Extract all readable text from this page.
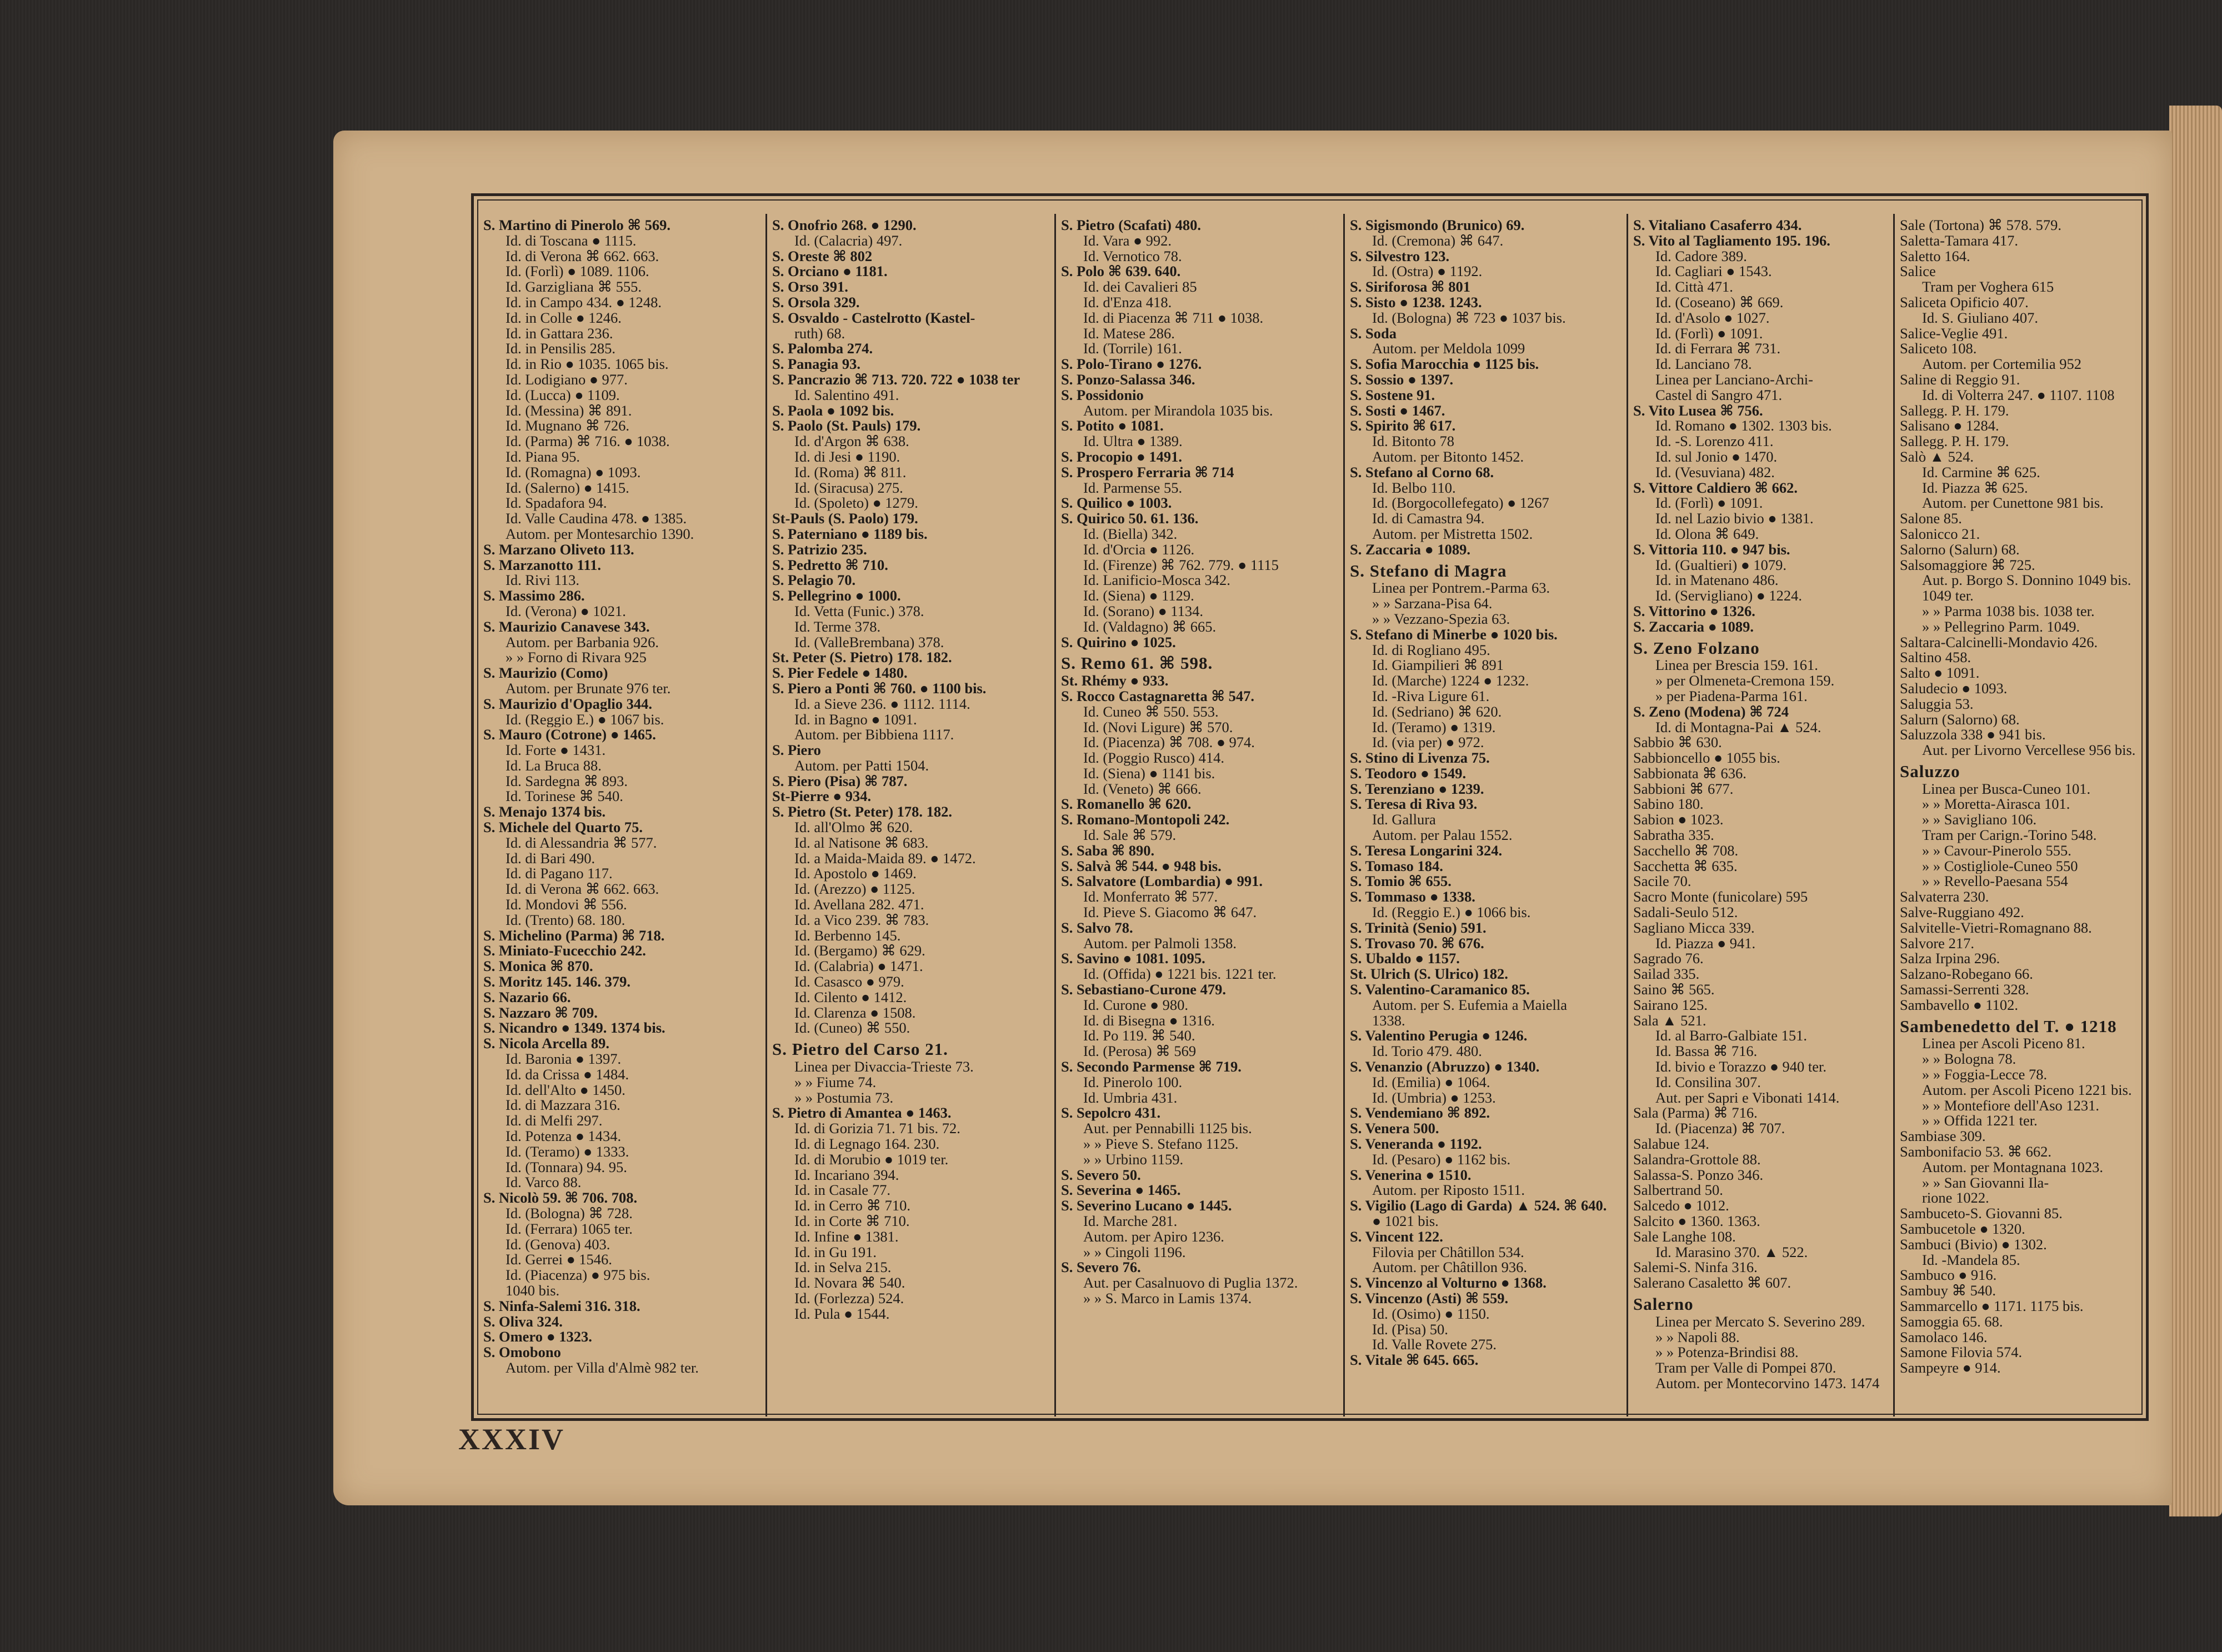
S. Martino di Pinerolo ⌘ 569.
Id. di Toscana ● 1115.
Id. di Verona ⌘ 662. 663.
Id. (Forlì) ● 1089. 1106.
Id. Garzigliana ⌘ 555.
Id. in Campo 434. ● 1248.
Id. in Colle ● 1246.
Id. in Gattara 236.
Id. in Pensilis 285.
Id. in Rio ● 1035. 1065 bis.
Id. Lodigiano ● 977.
Id. (Lucca) ● 1109.
Id. (Messina) ⌘ 891.
Id. Mugnano ⌘ 726.
Id. (Parma) ⌘ 716. ● 1038.
Id. Piana 95.
Id. (Romagna) ● 1093.
Id. (Salerno) ● 1415.
Id. Spadafora 94.
Id. Valle Caudina 478. ● 1385.
Autom. per Montesarchio 1390.
S. Marzano Oliveto 113.
S. Marzanotto 111.
Id. Rivi 113.
S. Massimo 286.
Id. (Verona) ● 1021.
S. Maurizio Canavese 343.
Autom. per Barbania 926.
» » Forno di Rivara 925
S. Maurizio (Como)
Autom. per Brunate 976 ter.
S. Maurizio d'Opaglio 344.
Id. (Reggio E.) ● 1067 bis.
S. Mauro (Cotrone) ● 1465.
Id. Forte ● 1431.
Id. La Bruca 88.
Id. Sardegna ⌘ 893.
Id. Torinese ⌘ 540.
S. Menajo 1374 bis.
S. Michele del Quarto 75.
Id. di Alessandria ⌘ 577.
Id. di Bari 490.
Id. di Pagano 117.
Id. di Verona ⌘ 662. 663.
Id. Mondovi ⌘ 556.
Id. (Trento) 68. 180.
S. Michelino (Parma) ⌘ 718.
S. Miniato-Fucecchio 242.
S. Monica ⌘ 870.
S. Moritz 145. 146. 379.
S. Nazario 66.
S. Nazzaro ⌘ 709.
S. Nicandro ● 1349. 1374 bis.
S. Nicola Arcella 89.
Id. Baronia ● 1397.
Id. da Crissa ● 1484.
Id. dell'Alto ● 1450.
Id. di Mazzara 316.
Id. di Melfi 297.
Id. Potenza ● 1434.
Id. (Teramo) ● 1333.
Id. (Tonnara) 94. 95.
Id. Varco 88.
S. Nicolò 59. ⌘ 706. 708.
Id. (Bologna) ⌘ 728.
Id. (Ferrara) 1065 ter.
Id. (Genova) 403.
Id. Gerrei ● 1546.
Id. (Piacenza) ● 975 bis.
1040 bis.
S. Ninfa-Salemi 316. 318.
S. Oliva 324.
S. Omero ● 1323.
S. Omobono
Autom. per Villa d'Almè 982 ter.
S. Onofrio 268. ● 1290.
Id. (Calacria) 497.
S. Oreste ⌘ 802
S. Orciano ● 1181.
S. Orso 391.
S. Orsola 329.
S. Osvaldo - Castelrotto (Kastel-
ruth) 68.
S. Palomba 274.
S. Panagia 93.
S. Pancrazio ⌘ 713. 720. 722 ● 1038 ter
Id. Salentino 491.
S. Paola ● 1092 bis.
S. Paolo (St. Pauls) 179.
Id. d'Argon ⌘ 638.
Id. di Jesi ● 1190.
Id. (Roma) ⌘ 811.
Id. (Siracusa) 275.
Id. (Spoleto) ● 1279.
St-Pauls (S. Paolo) 179.
S. Paterniano ● 1189 bis.
S. Patrizio 235.
S. Pedretto ⌘ 710.
S. Pelagio 70.
S. Pellegrino ● 1000.
Id. Vetta (Funic.) 378.
Id. Terme 378.
Id. (ValleBrembana) 378.
St. Peter (S. Pietro) 178. 182.
S. Pier Fedele ● 1480.
S. Piero a Ponti ⌘ 760. ● 1100 bis.
Id. a Sieve 236. ● 1112. 1114.
Id. in Bagno ● 1091.
Autom. per Bibbiena 1117.
S. Piero
Autom. per Patti 1504.
S. Piero (Pisa) ⌘ 787.
St-Pierre ● 934.
S. Pietro (St. Peter) 178. 182.
Id. all'Olmo ⌘ 620.
Id. al Natisone ⌘ 683.
Id. a Maida-Maida 89. ● 1472.
Id. Apostolo ● 1469.
Id. (Arezzo) ● 1125.
Id. Avellana 282. 471.
Id. a Vico 239. ⌘ 783.
Id. Berbenno 145.
Id. (Bergamo) ⌘ 629.
Id. (Calabria) ● 1471.
Id. Casasco ● 979.
Id. Cilento ● 1412.
Id. Clarenza ● 1508.
Id. (Cuneo) ⌘ 550.
S. Pietro del Carso 21.
Linea per Divaccia-Trieste 73.
» » Fiume 74.
» » Postumia 73.
S. Pietro di Amantea ● 1463.
Id. di Gorizia 71. 71 bis. 72.
Id. di Legnago 164. 230.
Id. di Morubio ● 1019 ter.
Id. Incariano 394.
Id. in Casale 77.
Id. in Cerro ⌘ 710.
Id. in Corte ⌘ 710.
Id. Infine ● 1381.
Id. in Gu 191.
Id. in Selva 215.
Id. Novara ⌘ 540.
Id. (Forlezza) 524.
Id. Pula ● 1544.
S. Pietro (Scafati) 480.
Id. Vara ● 992.
Id. Vernotico 78.
S. Polo ⌘ 639. 640.
Id. dei Cavalieri 85
Id. d'Enza 418.
Id. di Piacenza ⌘ 711 ● 1038.
Id. Matese 286.
Id. (Torrile) 161.
S. Polo-Tirano ● 1276.
S. Ponzo-Salassa 346.
S. Possidonio
Autom. per Mirandola 1035 bis.
S. Potito ● 1081.
Id. Ultra ● 1389.
S. Procopio ● 1491.
S. Prospero Ferraria ⌘ 714
Id. Parmense 55.
S. Quilico ● 1003.
S. Quirico 50. 61. 136.
Id. (Biella) 342.
Id. d'Orcia ● 1126.
Id. (Firenze) ⌘ 762. 779. ● 1115
Id. Lanificio-Mosca 342.
Id. (Siena) ● 1129.
Id. (Sorano) ● 1134.
Id. (Valdagno) ⌘ 665.
S. Quirino ● 1025.
S. Remo 61. ⌘ 598.
St. Rhémy ● 933.
S. Rocco Castagnaretta ⌘ 547.
Id. Cuneo ⌘ 550. 553.
Id. (Novi Ligure) ⌘ 570.
Id. (Piacenza) ⌘ 708. ● 974.
Id. (Poggio Rusco) 414.
Id. (Siena) ● 1141 bis.
Id. (Veneto) ⌘ 666.
S. Romanello ⌘ 620.
S. Romano-Montopoli 242.
Id. Sale ⌘ 579.
S. Saba ⌘ 890.
S. Salvà ⌘ 544. ● 948 bis.
S. Salvatore (Lombardia) ● 991.
Id. Monferrato ⌘ 577.
Id. Pieve S. Giacomo ⌘ 647.
S. Salvo 78.
Autom. per Palmoli 1358.
S. Savino ● 1081. 1095.
Id. (Offida) ● 1221 bis. 1221 ter.
S. Sebastiano-Curone 479.
Id. Curone ● 980.
Id. di Bisegna ● 1316.
Id. Po 119. ⌘ 540.
Id. (Perosa) ⌘ 569
S. Secondo Parmense ⌘ 719.
Id. Pinerolo 100.
Id. Umbria 431.
S. Sepolcro 431.
Aut. per Pennabilli 1125 bis.
» » Pieve S. Stefano 1125.
» » Urbino 1159.
S. Severo 50.
S. Severina ● 1465.
S. Severino Lucano ● 1445.
Id. Marche 281.
Autom. per Apiro 1236.
» » Cingoli 1196.
S. Severo 76.
Aut. per Casalnuovo di Puglia 1372.
» » S. Marco in Lamis 1374.
S. Sigismondo (Brunico) 69.
Id. (Cremona) ⌘ 647.
S. Silvestro 123.
Id. (Ostra) ● 1192.
S. Siriforosa ⌘ 801
S. Sisto ● 1238. 1243.
Id. (Bologna) ⌘ 723 ● 1037 bis.
S. Soda
Autom. per Meldola 1099
S. Sofia Marocchia ● 1125 bis.
S. Sossio ● 1397.
S. Sostene 91.
S. Sosti ● 1467.
S. Spirito ⌘ 617.
Id. Bitonto 78
Autom. per Bitonto 1452.
S. Stefano al Corno 68.
Id. Belbo 110.
Id. (Borgocollefegato) ● 1267
Id. di Camastra 94.
Autom. per Mistretta 1502.
S. Zaccaria ● 1089.
S. Stefano di Magra
Linea per Pontrem.-Parma 63.
» » Sarzana-Pisa 64.
» » Vezzano-Spezia 63.
S. Stefano di Minerbe ● 1020 bis.
Id. di Rogliano 495.
Id. Giampilieri ⌘ 891
Id. (Marche) 1224 ● 1232.
Id. -Riva Ligure 61.
Id. (Sedriano) ⌘ 620.
Id. (Teramo) ● 1319.
Id. (via per) ● 972.
S. Stino di Livenza 75.
S. Teodoro ● 1549.
S. Terenziano ● 1239.
S. Teresa di Riva 93.
Id. Gallura
Autom. per Palau 1552.
S. Teresa Longarini 324.
S. Tomaso 184.
S. Tomio ⌘ 655.
S. Tommaso ● 1338.
Id. (Reggio E.) ● 1066 bis.
S. Trinità (Senio) 591.
S. Trovaso 70. ⌘ 676.
S. Ubaldo ● 1157.
St. Ulrich (S. Ulrico) 182.
S. Valentino-Caramanico 85.
Autom. per S. Eufemia a Maiella
1338.
S. Valentino Perugia ● 1246.
Id. Torio 479. 480.
S. Venanzio (Abruzzo) ● 1340.
Id. (Emilia) ● 1064.
Id. (Umbria) ● 1253.
S. Vendemiano ⌘ 892.
S. Venera 500.
S. Veneranda ● 1192.
Id. (Pesaro) ● 1162 bis.
S. Venerina ● 1510.
Autom. per Riposto 1511.
S. Vigilio (Lago di Garda) ▲ 524. ⌘ 640.
● 1021 bis.
S. Vincent 122.
Filovia per Châtillon 534.
Autom. per Châtillon 936.
S. Vincenzo al Volturno ● 1368.
S. Vincenzo (Asti) ⌘ 559.
Id. (Osimo) ● 1150.
Id. (Pisa) 50.
Id. Valle Rovete 275.
S. Vitale ⌘ 645. 665.
S. Vitaliano Casaferro 434.
S. Vito al Tagliamento 195. 196.
Id. Cadore 389.
Id. Cagliari ● 1543.
Id. Città 471.
Id. (Coseano) ⌘ 669.
Id. d'Asolo ● 1027.
Id. (Forlì) ● 1091.
Id. di Ferrara ⌘ 731.
Id. Lanciano 78.
Linea per Lanciano-Archi-
Castel di Sangro 471.
S. Vito Lusea ⌘ 756.
Id. Romano ● 1302. 1303 bis.
Id. -S. Lorenzo 411.
Id. sul Jonio ● 1470.
Id. (Vesuviana) 482.
S. Vittore Caldiero ⌘ 662.
Id. (Forlì) ● 1091.
Id. nel Lazio bivio ● 1381.
Id. Olona ⌘ 649.
S. Vittoria 110. ● 947 bis.
Id. (Gualtieri) ● 1079.
Id. in Matenano 486.
Id. (Servigliano) ● 1224.
S. Vittorino ● 1326.
S. Zaccaria ● 1089.
S. Zeno Folzano
Linea per Brescia 159. 161.
» per Olmeneta-Cremona 159.
» per Piadena-Parma 161.
S. Zeno (Modena) ⌘ 724
Id. di Montagna-Pai ▲ 524.
Sabbio ⌘ 630.
Sabbioncello ● 1055 bis.
Sabbionata ⌘ 636.
Sabbioni ⌘ 677.
Sabino 180.
Sabion ● 1023.
Sabratha 335.
Sacchello ⌘ 708.
Sacchetta ⌘ 635.
Sacile 70.
Sacro Monte (funicolare) 595
Sadali-Seulo 512.
Sagliano Micca 339.
Id. Piazza ● 941.
Sagrado 76.
Sailad 335.
Saino ⌘ 565.
Sairano 125.
Sala ▲ 521.
Id. al Barro-Galbiate 151.
Id. Bassa ⌘ 716.
Id. bivio e Torazzo ● 940 ter.
Id. Consilina 307.
Aut. per Sapri e Vibonati 1414.
Sala (Parma) ⌘ 716.
Id. (Piacenza) ⌘ 707.
Salabue 124.
Salandra-Grottole 88.
Salassa-S. Ponzo 346.
Salbertrand 50.
Salcedo ● 1012.
Salcito ● 1360. 1363.
Sale Langhe 108.
Id. Marasino 370. ▲ 522.
Salemi-S. Ninfa 316.
Salerano Casaletto ⌘ 607.
Salerno
Linea per Mercato S. Severino 289.
» » Napoli 88.
» » Potenza-Brindisi 88.
Tram per Valle di Pompei 870.
Autom. per Montecorvino 1473. 1474
Sale (Tortona) ⌘ 578. 579.
Saletta-Tamara 417.
Saletto 164.
Salice
Tram per Voghera 615
Saliceta Opificio 407.
Id. S. Giuliano 407.
Salice-Veglie 491.
Saliceto 108.
Autom. per Cortemilia 952
Saline di Reggio 91.
Id. di Volterra 247. ● 1107. 1108
Sallegg. P. H. 179.
Salisano ● 1284.
Sallegg. P. H. 179.
Salò ▲ 524.
Id. Carmine ⌘ 625.
Id. Piazza ⌘ 625.
Autom. per Cunettone 981 bis.
Salone 85.
Salonicco 21.
Salorno (Salurn) 68.
Salsomaggiore ⌘ 725.
Aut. p. Borgo S. Donnino 1049 bis.
1049 ter.
» » Parma 1038 bis. 1038 ter.
» » Pellegrino Parm. 1049.
Saltara-Calcinelli-Mondavio 426.
Saltino 458.
Salto ● 1091.
Saludecio ● 1093.
Saluggia 53.
Salurn (Salorno) 68.
Saluzzola 338 ● 941 bis.
Aut. per Livorno Vercellese 956 bis.
Saluzzo
Linea per Busca-Cuneo 101.
» » Moretta-Airasca 101.
» » Savigliano 106.
Tram per Carign.-Torino 548.
» » Cavour-Pinerolo 555.
» » Costigliole-Cuneo 550
» » Revello-Paesana 554
Salvaterra 230.
Salve-Ruggiano 492.
Salvitelle-Vietri-Romagnano 88.
Salvore 217.
Salza Irpina 296.
Salzano-Robegano 66.
Samassi-Serrenti 328.
Sambavello ● 1102.
Sambenedetto del T. ● 1218
Linea per Ascoli Piceno 81.
» » Bologna 78.
» » Foggia-Lecce 78.
Autom. per Ascoli Piceno 1221 bis.
» » Montefiore dell'Aso 1231.
» » Offida 1221 ter.
Sambiase 309.
Sambonifacio 53. ⌘ 662.
Autom. per Montagnana 1023.
» » San Giovanni Ila-
rione 1022.
Sambuceto-S. Giovanni 85.
Sambucetole ● 1320.
Sambuci (Bivio) ● 1302.
Id. -Mandela 85.
Sambuco ● 916.
Sambuy ⌘ 540.
Sammarcello ● 1171. 1175 bis.
Samoggia 65. 68.
Samolaco 146.
Samone Filovia 574.
Sampeyre ● 914.
XXXIV
